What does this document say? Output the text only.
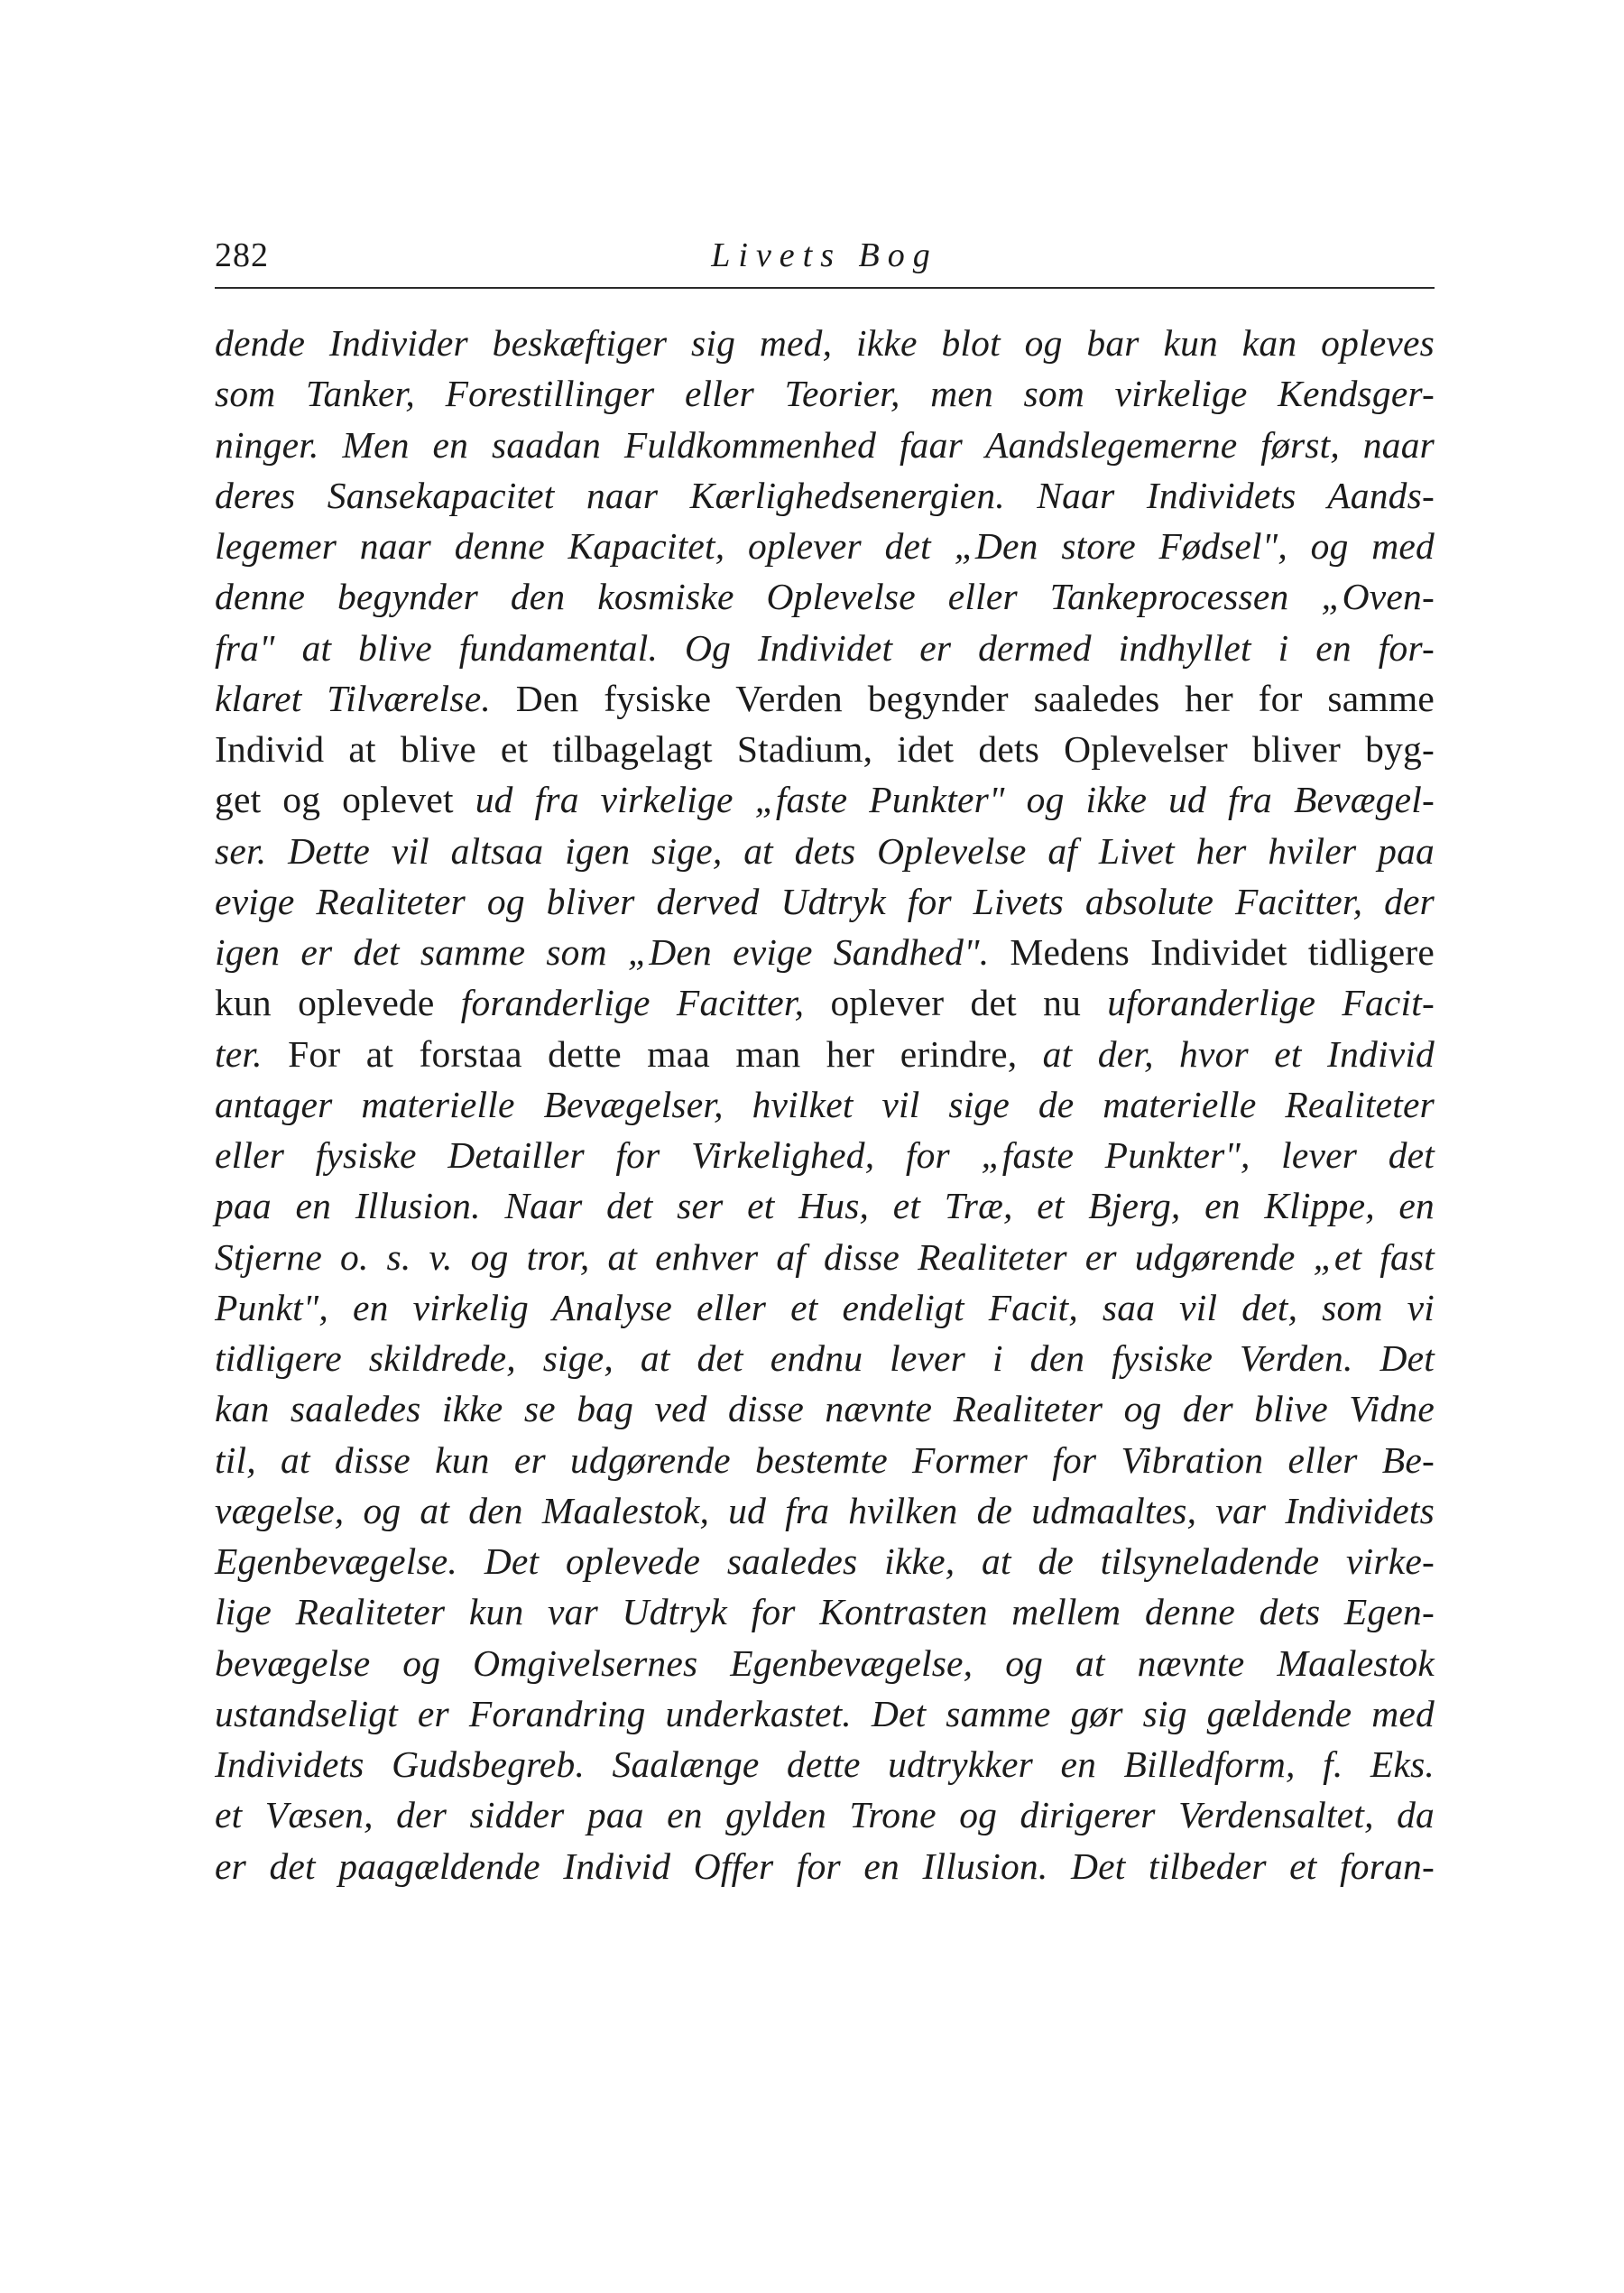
282	Livets Bog
dende Individer beskæftiger sig med, ikke blot og bar kun kan opleves
som Tanker, Forestillinger eller Teorier, men som virkelige Kendsger-
ninger. Men en saadan Fuldkommenhed faar Aandslegemerne først, naar
deres Sansekapacitet naar Kærlighedsenergien. Naar Individets Aands-
legemer naar denne Kapacitet, oplever det „Den store Fødsel", og med
denne begynder den kosmiske Oplevelse eller Tankeprocessen „Oven-
fra" at blive fundamental. Og Individet er dermed indhyllet i en for-
klaret Tilværelse. Den fysiske Verden begynder saaledes her for samme
Individ at blive et tilbagelagt Stadium, idet dets Oplevelser bliver byg-
get og oplevet ud fra virkelige „faste Punkter" og ikke ud fra Bevægel-
ser. Dette vil altsaa igen sige, at dets Oplevelse af Livet her hviler paa
evige Realiteter og bliver derved Udtryk for Livets absolute Facitter, der
igen er det samme som „Den evige Sandhed". Medens Individet tidligere
kun oplevede foranderlige Facitter, oplever det nu uforanderlige Facit-
ter. For at forstaa dette maa man her erindre, at der, hvor et Individ
antager materielle Bevægelser, hvilket vil sige de materielle Realiteter
eller fysiske Detailler for Virkelighed, for „faste Punkter", lever det
paa en Illusion. Naar det ser et Hus, et Træ, et Bjerg, en Klippe, en
Stjerne o. s. v. og tror, at enhver af disse Realiteter er udgørende „et fast
Punkt", en virkelig Analyse eller et endeligt Facit, saa vil det, som vi
tidligere skildrede, sige, at det endnu lever i den fysiske Verden. Det
kan saaledes ikke se bag ved disse nævnte Realiteter og der blive Vidne
til, at disse kun er udgørende bestemte Former for Vibration eller Be-
vægelse, og at den Maalestok, ud fra hvilken de udmaaltes, var Individets
Egenbevægelse. Det oplevede saaledes ikke, at de tilsyneladende virke-
lige Realiteter kun var Udtryk for Kontrasten mellem denne dets Egen-
bevægelse og Omgivelsernes Egenbevægelse, og at nævnte Maalestok
ustandseligt er Forandring underkastet. Det samme gør sig gældende med
Individets Gudsbegreb. Saalænge dette udtrykker en Billedform, f. Eks.
et Væsen, der sidder paa en gylden Trone og dirigerer Verdensaltet, da
er det paagældende Individ Offer for en Illusion. Det tilbeder et foran-
